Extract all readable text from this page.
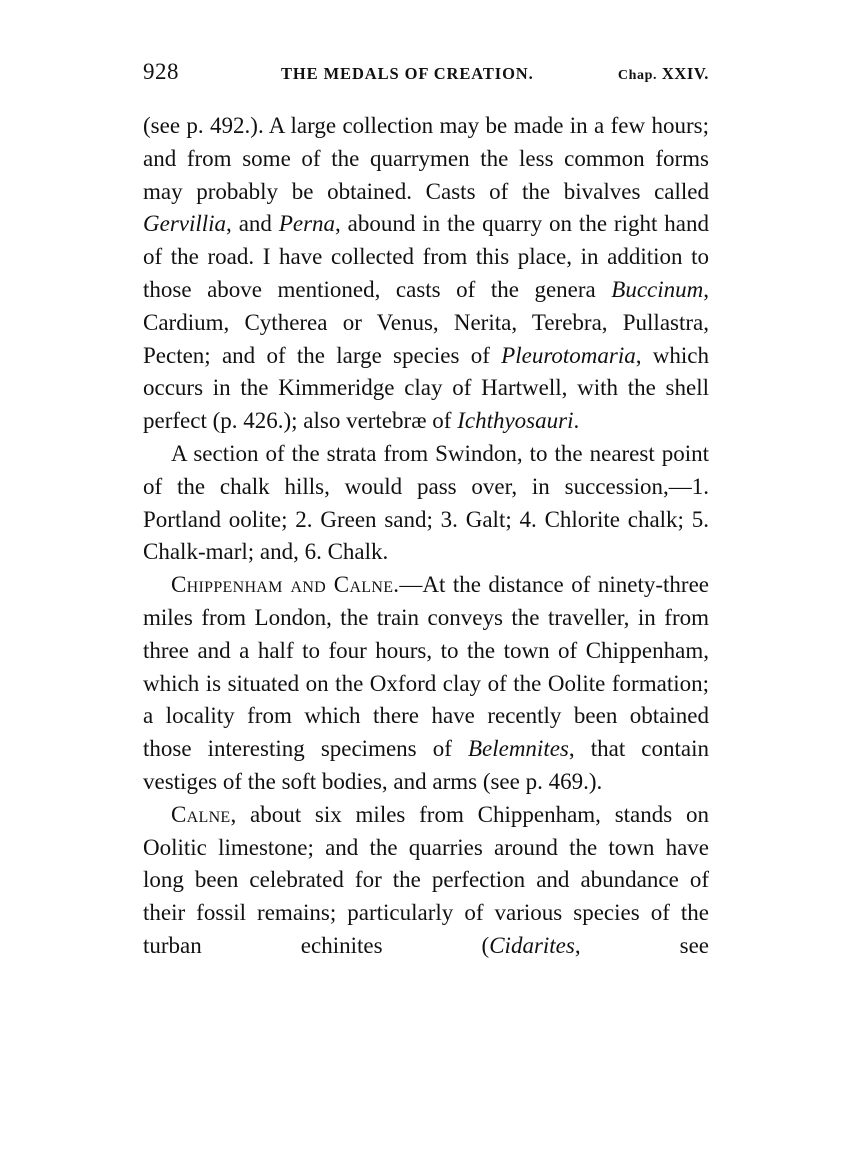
928	THE MEDALS OF CREATION.	Chap. XXIV.

(see p. 492.). A large collection may be made in a few hours; and from some of the quarrymen the less common forms may probably be obtained. Casts of the bivalves called Gervillia, and Perna, abound in the quarry on the right hand of the road. I have collected from this place, in addition to those above mentioned, casts of the genera Buccinum, Cardium, Cytherea or Venus, Nerita, Terebra, Pullastra, Pecten; and of the large species of Pleurotomaria, which occurs in the Kimmeridge clay of Hartwell, with the shell perfect (p. 426.); also vertebræ of Ichthyosauri.

A section of the strata from Swindon, to the nearest point of the chalk hills, would pass over, in succession,—1. Portland oolite; 2. Green sand; 3. Galt; 4. Chlorite chalk; 5. Chalk-marl; and, 6. Chalk.

Chippenham and Calne.—At the distance of ninety-three miles from London, the train conveys the traveller, in from three and a half to four hours, to the town of Chippenham, which is situated on the Oxford clay of the Oolite formation; a locality from which there have recently been obtained those interesting specimens of Belemnites, that contain vestiges of the soft bodies, and arms (see p. 469.).

Calne, about six miles from Chippenham, stands on Oolitic limestone; and the quarries around the town have long been celebrated for the perfection and abundance of their fossil remains; particularly of various species of the turban echinites (Cidarites, see
